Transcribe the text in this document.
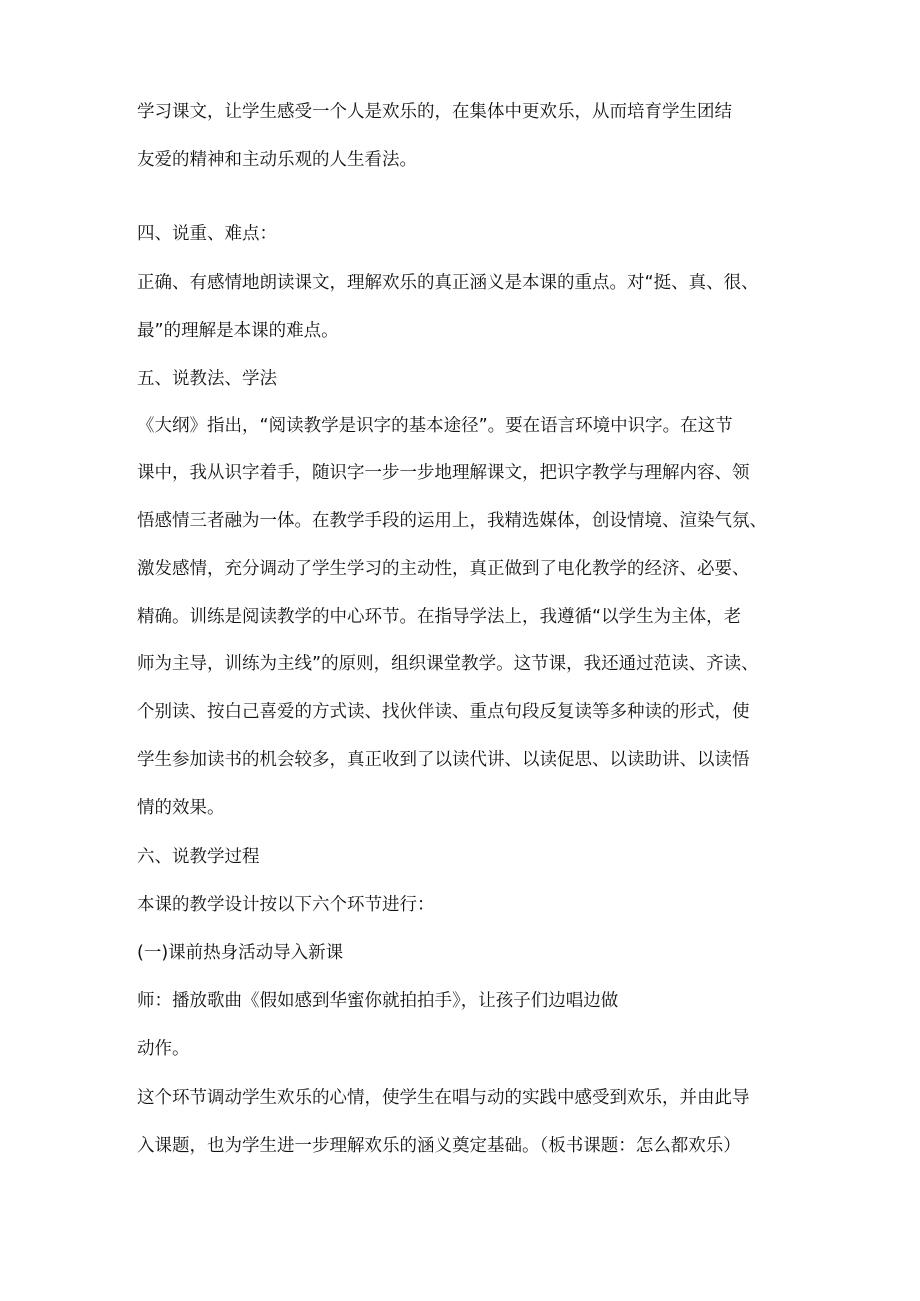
学习课文，让学生感受一个人是欢乐的，在集体中更欢乐，从而培育学生团结
友爱的精神和主动乐观的人生看法。
四、说重、难点：
正确、有感情地朗读课文，理解欢乐的真正涵义是本课的重点。对“挺、真、很、
最”的理解是本课的难点。
五、说教法、学法
《大纲》指出，“阅读教学是识字的基本途径”。要在语言环境中识字。在这节
课中，我从识字着手，随识字一步一步地理解课文，把识字教学与理解内容、领
悟感情三者融为一体。在教学手段的运用上，我精选媒体，创设情境、渲染气氛、
激发感情，充分调动了学生学习的主动性，真正做到了电化教学的经济、必要、
精确。训练是阅读教学的中心环节。在指导学法上，我遵循“以学生为主体，老
师为主导，训练为主线”的原则，组织课堂教学。这节课，我还通过范读、齐读、
个别读、按白己喜爱的方式读、找伙伴读、重点句段反复读等多种读的形式，使
学生参加读书的机会较多，真正收到了以读代讲、以读促思、以读助讲、以读悟
情的效果。
六、说教学过程
本课的教学设计按以下六个环节进行：
(一)课前热身活动导入新课
师：播放歌曲《假如感到华蜜你就拍拍手》，让孩子们边唱边做
动作。
这个环节调动学生欢乐的心情，使学生在唱与动的实践中感受到欢乐，并由此导
入课题，也为学生进一步理解欢乐的涵义奠定基础。（板书课题：怎么都欢乐）
